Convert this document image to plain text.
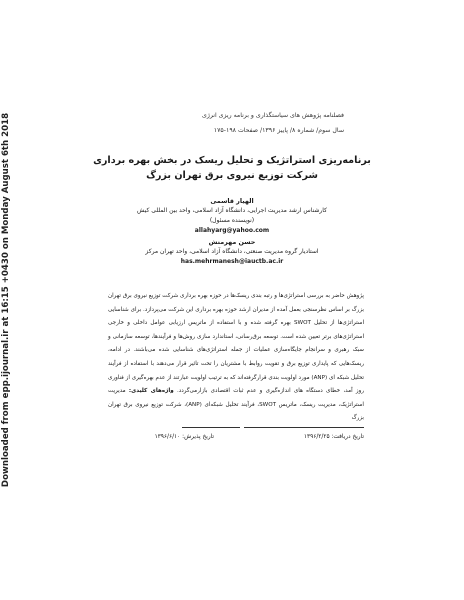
Downloaded from epp.ijournal.ir at 16:15 +0430 on Monday August 6th 2018	فصلنامه پژوهش های سیاستگذاری و برنامه ریزی انرژی
سال سوم/ شماره ۸/ پاییز ۱۳۹۶/ صفحات ۱۹۸-۱۷۵
برنامه‌ریزی استراتژیک و تحلیل ریسک در بخش بهره برداری
شرکت توزیع نیروی برق تهران بزرگ
الهیار قاسمی
کارشناس ارشد مدیریت اجرایی، دانشگاه آزاد اسلامی، واحد بین المللی کیش
(نویسنده مسئول)
allahyarg@yahoo.com
حسن مهرمنش
استادیار گروه مدیریت صنعتی، دانشگاه آزاد اسلامی، واحد تهران مرکز
has.mehrmanesh@iauctb.ac.ir

پژوهش حاضر به بررسی استراتژی‌ها و رتبه بندی ریسک‌ها در حوزه بهره برداری شرکت توزیع نیروی برق تهران بزرگ بر اساس نظرسنجی بعمل آمده از مدیران ارشد حوزه بهره برداری این شرکت می‌پردازد. برای شناسایی استراتژی‌ها از تحلیل SWOT بهره گرفته شده و با استفاده از ماتریس ارزیابی عوامل داخلی و خارجی استراتژی‌های برتر تعیین شده است. توسعه برق‌رسانی، استاندارد سازی روش‌ها و فرآیندها، توسعه سازمانی و سبک رهبری و سرانجام جایگاه‌سازی عملیات از جمله استراتژی‌های شناسایی شده می‌باشند. در ادامه، ریسک‌هایی که پایداری توزیع برق و تقویت روابط با مشتریان را تحت تاثیر قرار می‌دهند با استفاده از فرآیند تحلیل شبکه ای (ANP) مورد اولویت بندی قرارگرفته‌اند که به ترتیب اولویت عبارتند از عدم بهره‌گیری از فناوری روز آمد، خطای دستگاه های اندازه‌گیری و عدم ثبات اقتصادی بازارمی‌گردد. واژه‌های کلیدی: مدیریت استراتژیک، مدیریت ریسک، ماتریس SWOT، فرآیند تحلیل شبکه‌ای (ANP)، شرکت توزیع نیروی برق تهران بزرگ

تاریخ دریافت: ۱۳۹۶/۲/۲۵
تاریخ پذیرش: ۱۳۹۶/۶/۱۰
